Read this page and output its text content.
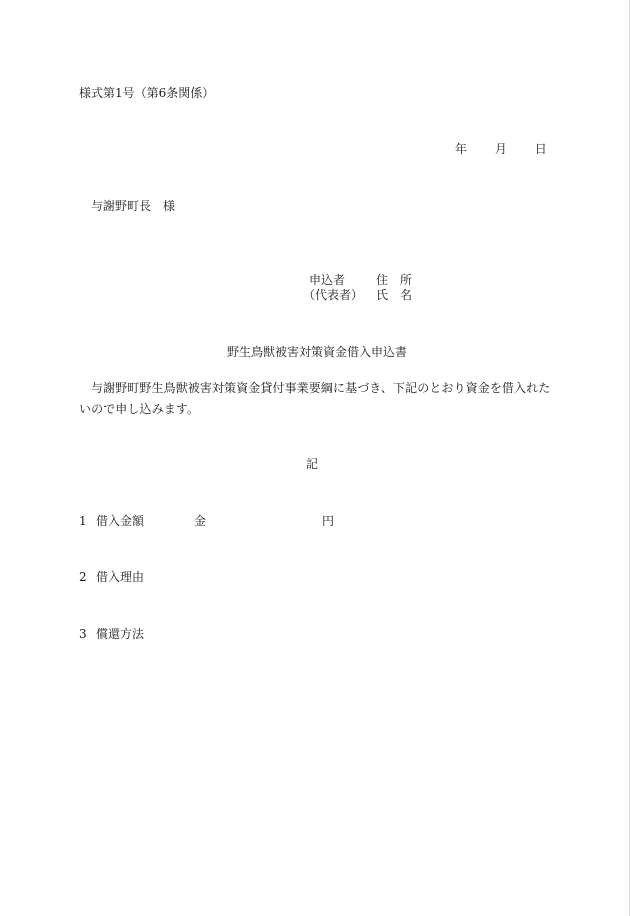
様式第1号（第6条関係）
年 月 日
与謝野町長 様
申込者	住 所
（代表者）	氏 名
野生鳥獣被害対策資金借入申込書
与謝野町野生鳥獣被害対策資金貸付事業要綱に基づき、下記のとおり資金を借入れたいので申し込みます。
記
1 借入金額	金	円
2 借入理由
3 償還方法
